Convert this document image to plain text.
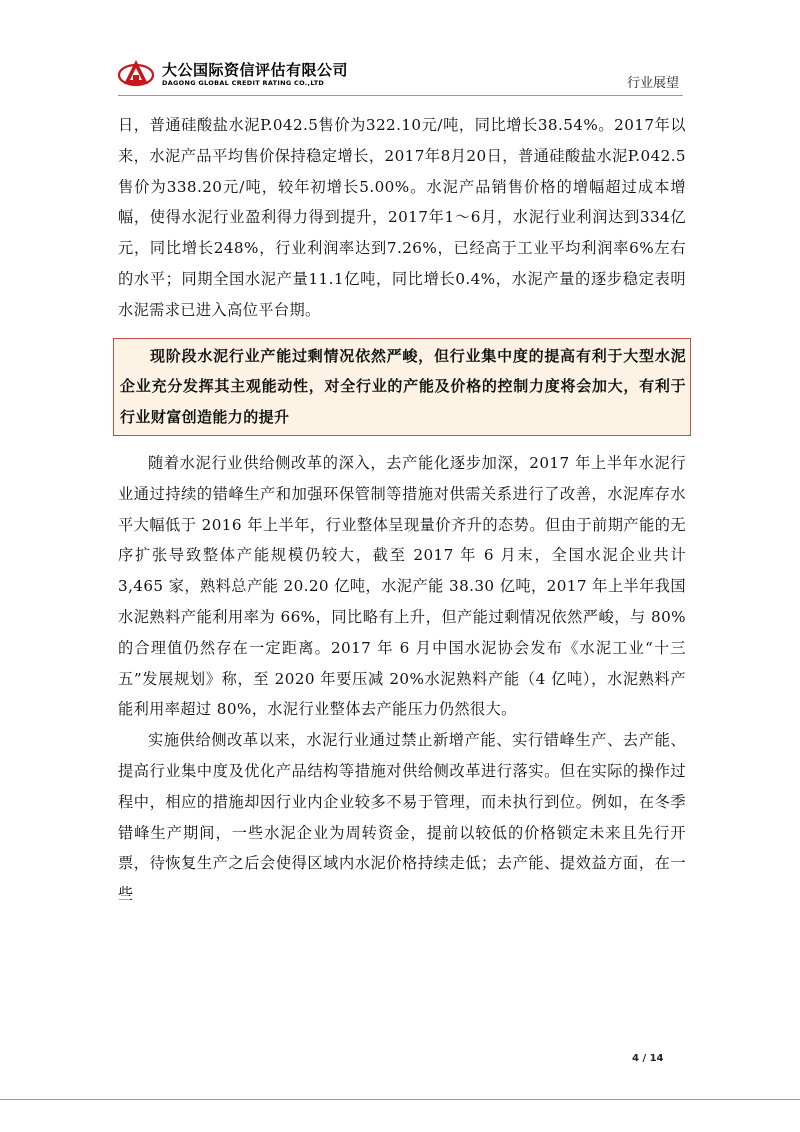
大公国际资信评估有限公司
DAGONG GLOBAL CREDIT RATING CO.,LTD	行业展望

日，普通硅酸盐水泥P.042.5售价为322.10元/吨，同比增长38.54%。2017年以来，水泥产品平均售价保持稳定增长，2017年8月20日，普通硅酸盐水泥P.042.5售价为338.20元/吨，较年初增长5.00%。水泥产品销售价格的增幅超过成本增幅，使得水泥行业盈利得力得到提升，2017年1～6月，水泥行业利润达到334亿元，同比增长248%，行业利润率达到7.26%，已经高于工业平均利润率6%左右的水平；同期全国水泥产量11.1亿吨，同比增长0.4%，水泥产量的逐步稳定表明水泥需求已进入高位平台期。

现阶段水泥行业产能过剩情况依然严峻，但行业集中度的提高有利于大型水泥企业充分发挥其主观能动性，对全行业的产能及价格的控制力度将会加大，有利于行业财富创造能力的提升

随着水泥行业供给侧改革的深入，去产能化逐步加深，2017 年上半年水泥行业通过持续的错峰生产和加强环保管制等措施对供需关系进行了改善，水泥库存水平大幅低于 2016 年上半年，行业整体呈现量价齐升的态势。但由于前期产能的无序扩张导致整体产能规模仍较大，截至 2017 年 6 月末，全国水泥企业共计 3,465 家，熟料总产能 20.20 亿吨，水泥产能 38.30 亿吨，2017 年上半年我国水泥熟料产能利用率为 66%，同比略有上升，但产能过剩情况依然严峻，与 80%的合理值仍然存在一定距离。2017 年 6 月中国水泥协会发布《水泥工业“十三五”发展规划》称，至 2020 年要压减 20%水泥熟料产能（4 亿吨），水泥熟料产能利用率超过 80%，水泥行业整体去产能压力仍然很大。

实施供给侧改革以来，水泥行业通过禁止新增产能、实行错峰生产、去产能、提高行业集中度及优化产品结构等措施对供给侧改革进行落实。但在实际的操作过程中，相应的措施却因行业内企业较多不易于管理，而未执行到位。例如，在冬季错峰生产期间，一些水泥企业为周转资金，提前以较低的价格锁定未来且先行开票，待恢复生产之后会使得区域内水泥价格持续走低；去产能、提效益方面，在一些

4 / 14
